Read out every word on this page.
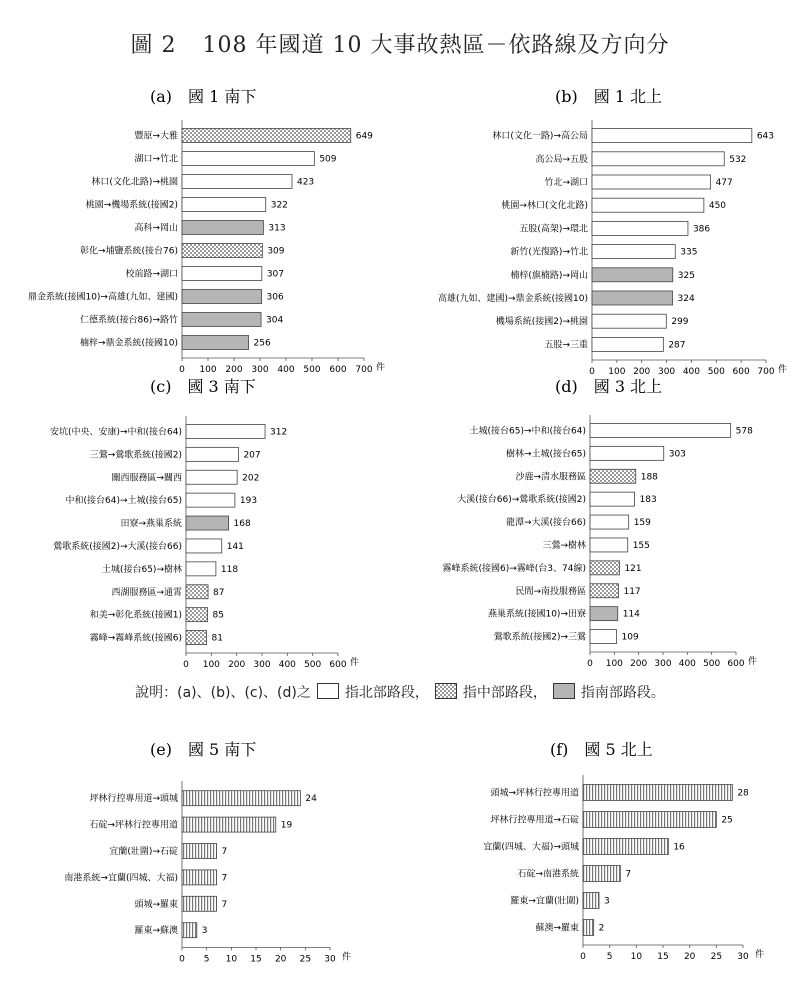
圖 2 108 年國道 10 大事故熱區－依路線及方向分
(a)　國 1 南下
豐原→大雅	649
湖口→竹北	509
林口(文化北路)→桃園	423
桃園→機場系統(接國2)	322
高科→岡山	313
彰化→埔鹽系統(接台76)	309
校前路→湖口	307
鼎金系統(接國10)→高雄(九如、建國)	306
仁德系統(接台86)→路竹	304
楠梓→鼎金系統(接國10)	256
0 100 200 300 400 500 600 700 件
(b)　國 1 北上
林口(文化一路)→高公局	643
高公局→五股	532
竹北→湖口	477
桃園→林口(文化北路)	450
五股(高架)→環北	386
新竹(光復路)→竹北	335
楠梓(旗楠路)→岡山	325
高雄(九如、建國)→鼎金系統(接國10)	324
機場系統(接國2)→桃園	299
五股→三重	287
0 100 200 300 400 500 600 700 件
(c)　國 3 南下
安坑(中央、安康)→中和(接台64)	312
三鶯→鶯歌系統(接國2)	207
關西服務區→關西	202
中和(接台64)→土城(接台65)	193
田寮→燕巢系統	168
鶯歌系統(接國2)→大溪(接台66)	141
土城(接台65)→樹林	118
西湖服務區→通霄	87
和美→彰化系統(接國1)	85
霧峰→霧峰系統(接國6)	81
0 100 200 300 400 500 600 件
(d)　國 3 北上
土城(接台65)→中和(接台64)	578
樹林→土城(接台65)	303
沙鹿→清水服務區	188
大溪(接台66)→鶯歌系統(接國2)	183
龍潭→大溪(接台66)	159
三鶯→樹林	155
霧峰系統(接國6)→霧峰(台3、74線)	121
民間→南投服務區	117
燕巢系統(接國10)→田寮	114
鶯歌系統(接國2)→三鶯	109
0 100 200 300 400 500 600 件
(e)　國 5 南下
坪林行控專用道→頭城	24
石碇→坪林行控專用道	19
宜蘭(壯圍)→石碇	7
南港系統→宜蘭(四城、大福)	7
頭城→羅東	7
羅東→蘇澳	3
0 5 10 15 20 25 30 件
(f)　國 5 北上
頭城→坪林行控專用道	28
坪林行控專用道→石碇	25
宜蘭(四城、大福)→頭城	16
石碇→南港系統	7
羅東→宜蘭(壯圍)	3
蘇澳→羅東 2
0 5 10 15 20 25 30 件
說明：(a)、(b)、(c)、(d)之 指北部路段， 指中部路段， 指南部路段。
